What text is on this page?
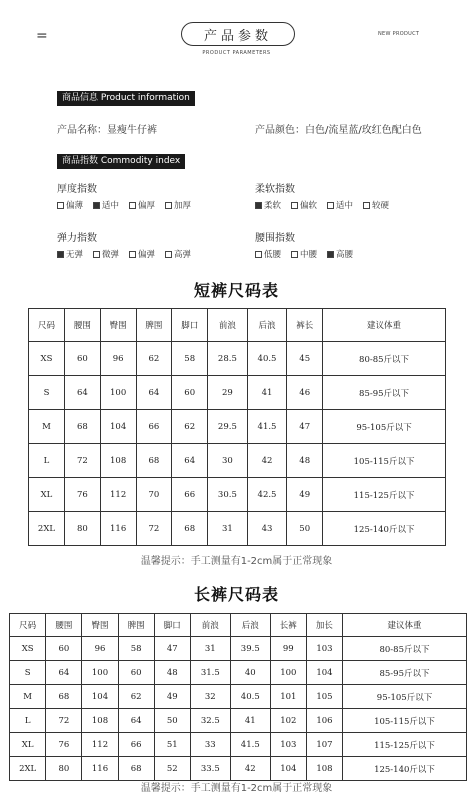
=	产品参数
PRODUCT PARAMETERS
NEW PRODUCT
商品信息 Product information
产品名称：显瘦牛仔裤	产品颜色：白色/流星蓝/玫红色配白色
商品指数 Commodity index
厚度指数
偏薄 适中 偏厚 加厚
柔软指数
柔软 偏软 适中 较硬
弹力指数
无弹 微弹 偏弹 高弹
腰围指数
低腰 中腰 高腰
短裤尺码表
尺码	腰围	臀围	脾围	脚口	前浪	后浪	裤长	建议体重
XS	60	96	62	58	28.5	40.5	45	80-85斤以下
S	64	100	64	60	29	41	46	85-95斤以下
M	68	104	66	62	29.5	41.5	47	95-105斤以下
L	72	108	68	64	30	42	48	105-115斤以下
XL	76	112	70	66	30.5	42.5	49	115-125斤以下
2XL	80	116	72	68	31	43	50	125-140斤以下
温馨提示：手工测量有1-2cm属于正常现象
长裤尺码表
尺码	腰围	臀围	脾围	脚口	前浪	后浪	长裤	加长	建议体重
XS	60	96	58	47	31	39.5	99	103	80-85斤以下
S	64	100	60	48	31.5	40	100	104	85-95斤以下
M	68	104	62	49	32	40.5	101	105	95-105斤以下
L	72	108	64	50	32.5	41	102	106	105-115斤以下
XL	76	112	66	51	33	41.5	103	107	115-125斤以下
2XL	80	116	68	52	33.5	42	104	108	125-140斤以下
温馨提示：手工测量有1-2cm属于正常现象
